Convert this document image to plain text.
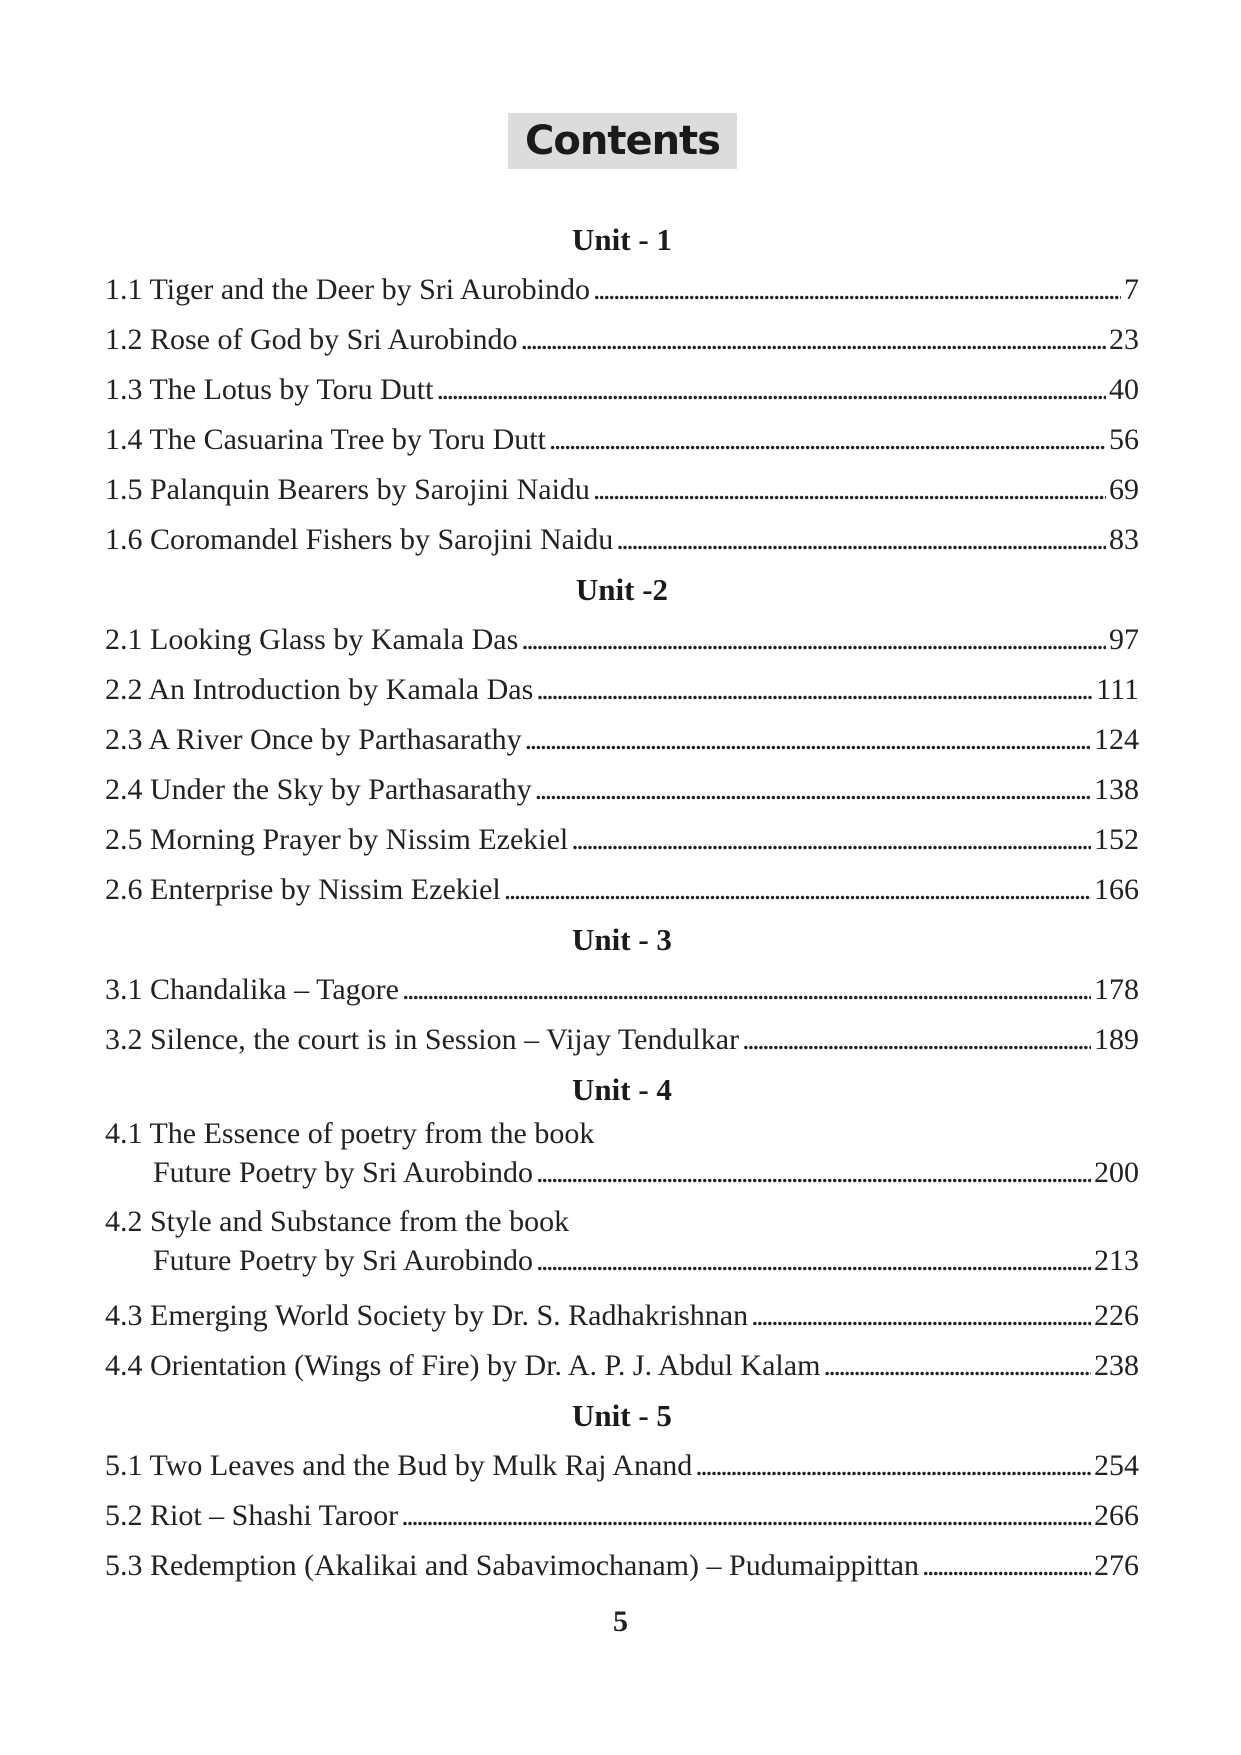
Contents
Unit - 1
1.1 Tiger and the Deer by Sri Aurobindo . . .	7
1.2 Rose of God by Sri Aurobindo . . .	23
1.3 The Lotus by Toru Dutt . . .	40
1.4 The Casuarina Tree by Toru Dutt . . .	56
1.5 Palanquin Bearers by Sarojini Naidu . . .	69
1.6 Coromandel Fishers by Sarojini Naidu . . .	83
Unit -2
2.1 Looking Glass by Kamala Das . . .	97
2.2 An Introduction by Kamala Das . . .	111
2.3 A River Once by Parthasarathy . . .	124
2.4 Under the Sky by Parthasarathy . . .	138
2.5 Morning Prayer by Nissim Ezekiel . . .	152
2.6 Enterprise by Nissim Ezekiel . . .	166
Unit - 3
3.1 Chandalika – Tagore . . .	178
3.2 Silence, the court is in Session – Vijay Tendulkar . . .	189
Unit - 4
4.1 The Essence of poetry from the book
Future Poetry by Sri Aurobindo . . .	200
4.2 Style and Substance from the book
Future Poetry by Sri Aurobindo . . .	213
4.3 Emerging World Society by Dr. S. Radhakrishnan . . .	226
4.4 Orientation (Wings of Fire) by Dr. A. P. J. Abdul Kalam . . .	238
Unit - 5
5.1 Two Leaves and the Bud by Mulk Raj Anand . . .	254
5.2 Riot – Shashi Taroor . . .	266
5.3 Redemption (Akalikai and Sabavimochanam) – Pudumaippittan . . .	276
5
